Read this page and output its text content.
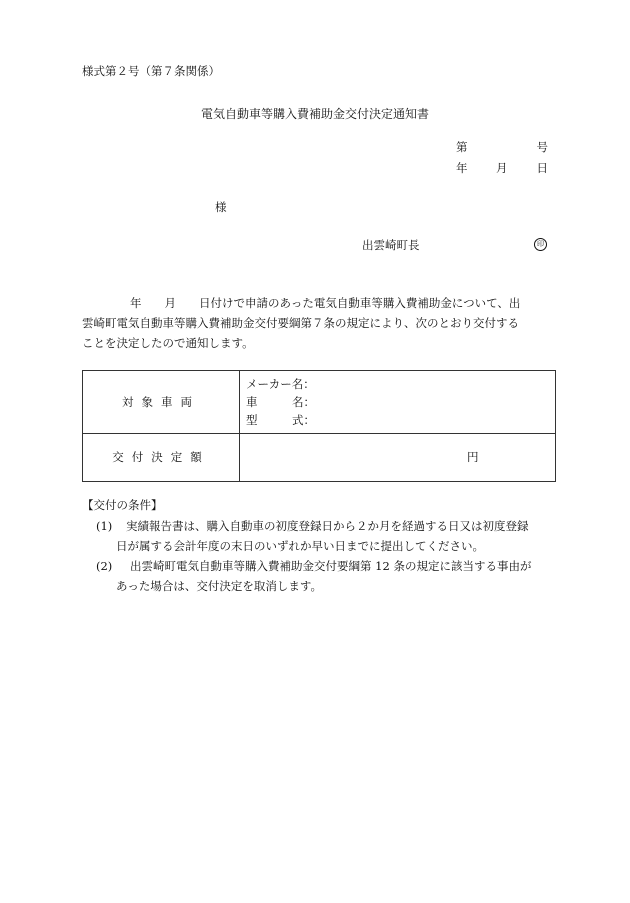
様式第２号（第７条関係）
電気自動車等購入費補助金交付決定通知書
第	号
年 月	日
様
出雲崎町長	印
年　　月　　日付けで申請のあった電気自動車等購入費補助金について、出
雲崎町電気自動車等購入費補助金交付要綱第７条の規定により、次のとおり交付する
ことを決定したので通知します。
対象車両
メーカー名：
車　　　名：
型　　　式：
交付決定額	円
【交付の条件】
(1) 実績報告書は、購入自動車の初度登録日から２か月を経過する日又は初度登録
日が属する会計年度の末日のいずれか早い日までに提出してください。
(2) 出雲崎町電気自動車等購入費補助金交付要綱第 12 条の規定に該当する事由が
あった場合は、交付決定を取消します。
